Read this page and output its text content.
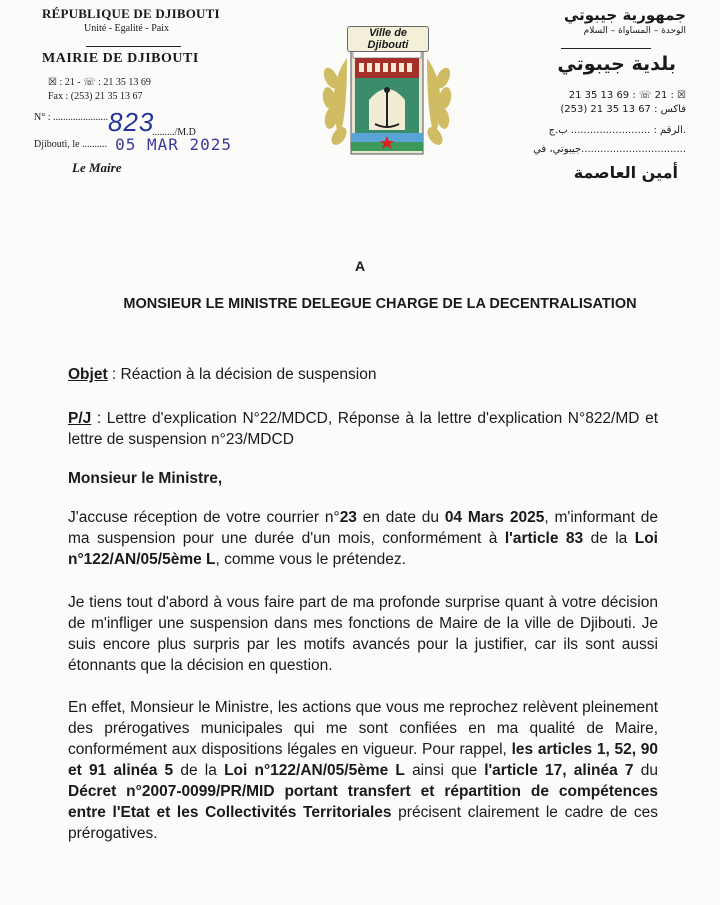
RÉPUBLIQUE DE DJIBOUTI
Unité - Egalité - Paix
MAIRIE DE DJIBOUTI
☒ : 21 - ☏ : 21 35 13 69
Fax : (253) 21 35 13 67
N° : ...................... 823
........./M.D
Djibouti, le .......... 05 MAR 2025
Le Maire
Ville de Djibouti
جمهورية جيبوتي
الوحدة – المساواة – السلام
بلدية جيبوتي
21 35 13 69 : ☏ 21 : ☒
فاكس : 67 13 35 21 (253)
الرقم : ......................... ب.ج.
جيبوتي، في.................................
أمين العاصمة
A
MONSIEUR LE MINISTRE DELEGUE CHARGE DE LA DECENTRALISATION
Objet : Réaction à la décision de suspension
P/J : Lettre d'explication N°22/MDCD, Réponse à la lettre d'explication N°822/MD et lettre de suspension n°23/MDCD
Monsieur le Ministre,
J'accuse réception de votre courrier n°23 en date du 04 Mars 2025, m'informant de ma suspension pour une durée d'un mois, conformément à l'article 83 de la Loi n°122/AN/05/5ème L, comme vous le prétendez.
Je tiens tout d'abord à vous faire part de ma profonde surprise quant à votre décision de m'infliger une suspension dans mes fonctions de Maire de la ville de Djibouti. Je suis encore plus surpris par les motifs avancés pour la justifier, car ils sont aussi étonnants que la décision en question.
En effet, Monsieur le Ministre, les actions que vous me reprochez relèvent pleinement des prérogatives municipales qui me sont confiées en ma qualité de Maire, conformément aux dispositions légales en vigueur. Pour rappel, les articles 1, 52, 90 et 91 alinéa 5 de la Loi n°122/AN/05/5ème L ainsi que l'article 17, alinéa 7 du Décret n°2007-0099/PR/MID portant transfert et répartition de compétences entre l'Etat et les Collectivités Territoriales précisent clairement le cadre de ces prérogatives.
